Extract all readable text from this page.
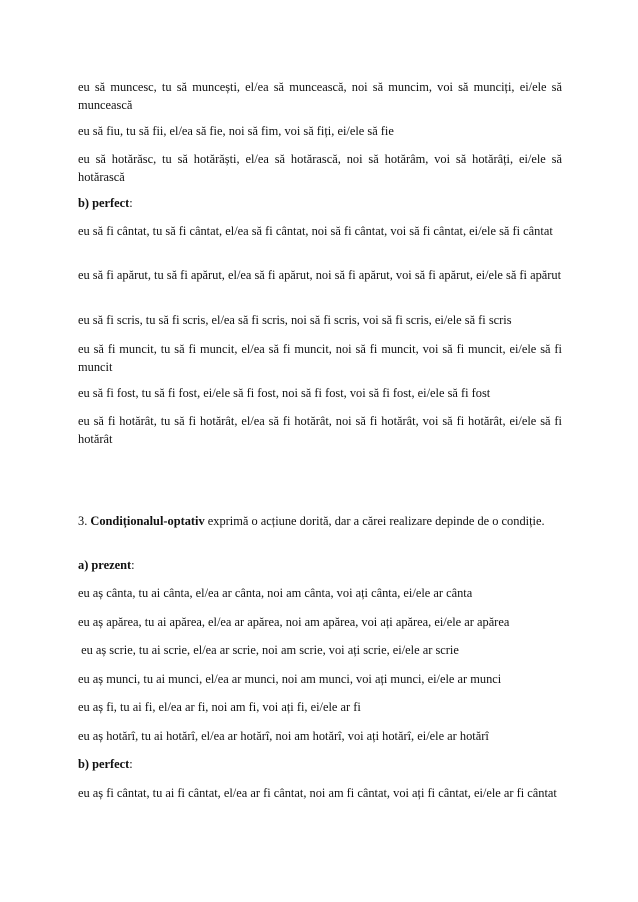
eu să muncesc, tu să muncești, el/ea să muncească, noi să muncim, voi să munciți, ei/ele să muncească

eu să fiu, tu să fii, el/ea să fie, noi să fim, voi să fiți, ei/ele să fie

eu să hotărăsc, tu să hotărăști, el/ea să hotărască, noi să hotărâm, voi să hotărâți, ei/ele să hotărască

b) perfect:

eu să fi cântat, tu să fi cântat, el/ea să fi cântat, noi să fi cântat, voi să fi cântat, ei/ele să fi cântat

eu să fi apărut, tu să fi apărut, el/ea să fi apărut, noi să fi apărut, voi să fi apărut, ei/ele să fi apărut

eu să fi scris, tu să fi scris, el/ea să fi scris, noi să fi scris, voi să fi scris, ei/ele să fi scris

eu să fi muncit, tu să fi muncit, el/ea să fi muncit, noi să fi muncit, voi să fi muncit, ei/ele să fi muncit

eu să fi fost, tu să fi fost, ei/ele să fi fost, noi să fi fost, voi să fi fost, ei/ele să fi fost

eu să fi hotărât, tu să fi hotărât, el/ea să fi hotărât, noi să fi hotărât, voi să fi hotărât, ei/ele să fi hotărât

3. Condiționalul-optativ exprimă o acțiune dorită, dar a cărei realizare depinde de o condiție.

a) prezent:

eu aș cânta, tu ai cânta, el/ea ar cânta, noi am cânta, voi ați cânta, ei/ele ar cânta

eu aș apărea, tu ai apărea, el/ea ar apărea, noi am apărea, voi ați apărea, ei/ele ar apărea

eu aș scrie, tu ai scrie, el/ea ar scrie, noi am scrie, voi ați scrie, ei/ele ar scrie

eu aș munci, tu ai munci, el/ea ar munci, noi am munci, voi ați munci, ei/ele ar munci

eu aș fi, tu ai fi, el/ea ar fi, noi am fi, voi ați fi, ei/ele ar fi

eu aș hotărî, tu ai hotărî, el/ea ar hotărî, noi am hotărî, voi ați hotărî, ei/ele ar hotărî

b) perfect:

eu aș fi cântat, tu ai fi cântat, el/ea ar fi cântat, noi am fi cântat, voi ați fi cântat, ei/ele ar fi cântat
